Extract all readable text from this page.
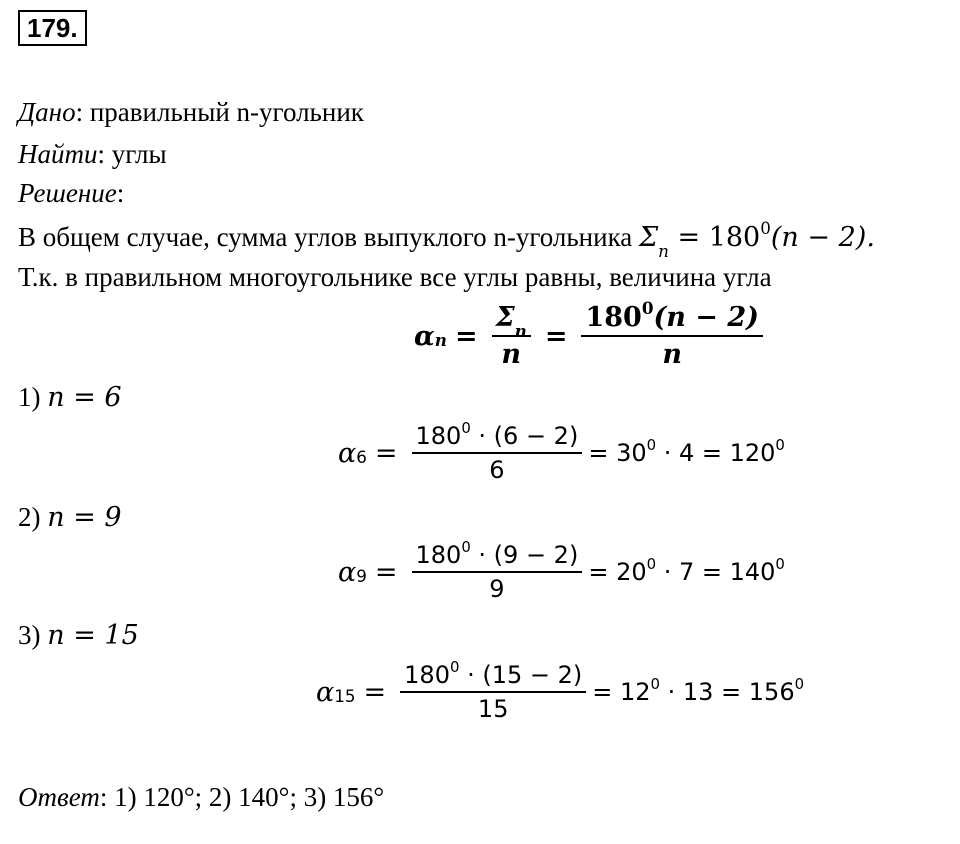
179.
Дано: правильный n-угольник
Найти: углы
Решение:
В общем случае, сумма углов выпуклого n-угольника $\Sigma_n = 180^0(n - 2)$.
Т.к. в правильном многоугольнике все углы равны, величина угла
$\alpha_n = \frac{\Sigma_n}{n} = \frac{180^0(n - 2)}{n}$
1) n = 6
$\alpha_6 = \frac{180^0 \cdot (6 - 2)}{6} = 30^0 \cdot 4 = 120^0$
2) n = 9
$\alpha_9 = \frac{180^0 \cdot (9 - 2)}{9} = 20^0 \cdot 7 = 140^0$
3) n = 15
$\alpha_{15} = \frac{180^0 \cdot (15 - 2)}{15} = 12^0 \cdot 13 = 156^0$
Ответ: 1) 120°; 2) 140°; 3) 156°
